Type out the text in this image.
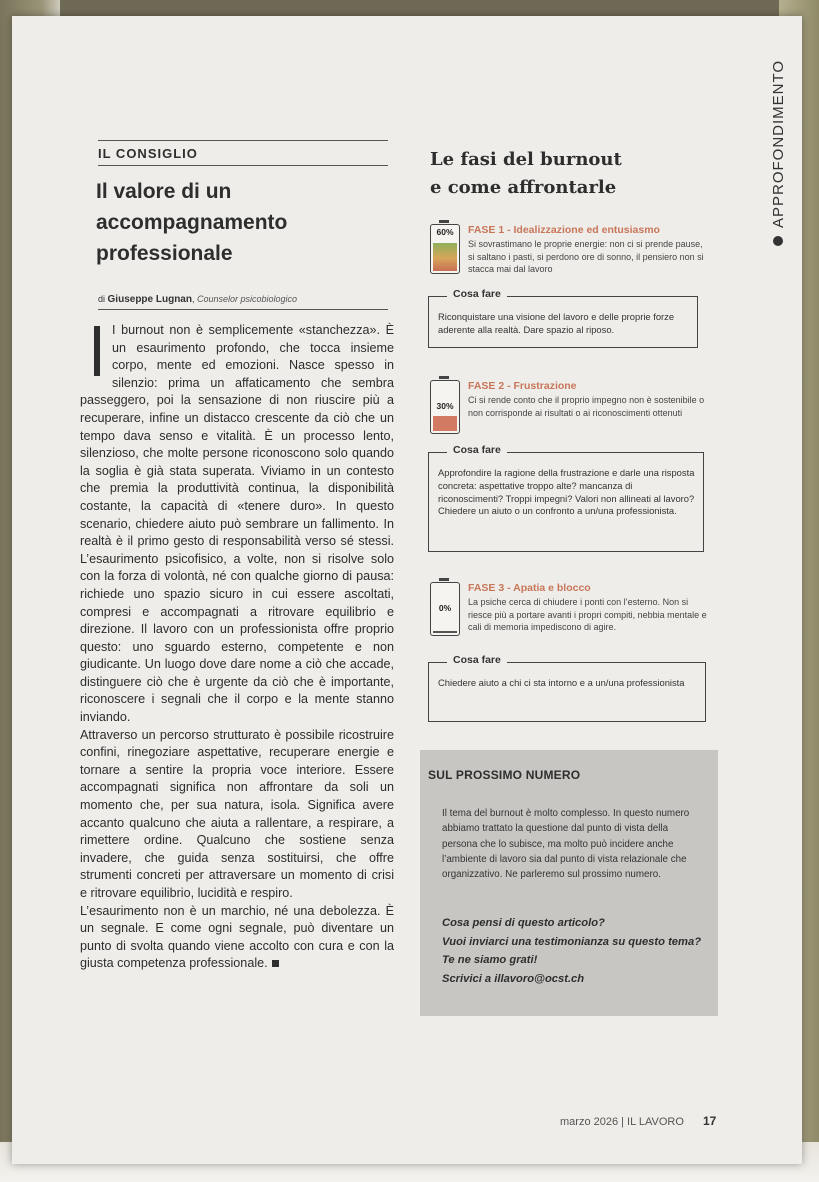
APPROFONDIMENTO
IL CONSIGLIO
Il valore di un
accompagnamento
professionale
di Giuseppe Lugnan, Counselor psicobiologico

I burnout non è semplicemente «stanchezza». È un esaurimento profondo, che tocca insieme corpo, mente ed emozioni. Nasce spesso in silenzio: prima un affaticamento che sembra passeggero, poi la sensazione di non riuscire più a recuperare, infine un distacco crescente da ciò che un tempo dava senso e vitalità. È un processo lento, silenzioso, che molte persone riconoscono solo quando la soglia è già stata superata. Viviamo in un contesto che premia la produttività continua, la disponibilità costante, la capacità di «tenere duro». In questo scenario, chiedere aiuto può sembrare un fallimento. In realtà è il primo gesto di responsabilità verso sé stessi. L’esaurimento psicofisico, a volte, non si risolve solo con la forza di volontà, né con qualche giorno di pausa: richiede uno spazio sicuro in cui essere ascoltati, compresi e accompagnati a ritrovare equilibrio e direzione. Il lavoro con un professionista offre proprio questo: uno sguardo esterno, competente e non giudicante. Un luogo dove dare nome a ciò che accade, distinguere ciò che è urgente da ciò che è importante, riconoscere i segnali che il corpo e la mente stanno inviando.

Attraverso un percorso strutturato è possibile ricostruire confini, rinegoziare aspettative, recuperare energie e tornare a sentire la propria voce interiore. Essere accompagnati significa non affrontare da soli un momento che, per sua natura, isola. Significa avere accanto qualcuno che aiuta a rallentare, a respirare, a rimettere ordine. Qualcuno che sostiene senza invadere, che guida senza sostituirsi, che offre strumenti concreti per attraversare un momento di crisi e ritrovare equilibrio, lucidità e respiro.

L’esaurimento non è un marchio, né una debolezza. È un segnale. E come ogni segnale, può diventare un punto di svolta quando viene accolto con cura e con la giusta competenza professionale.

Le fasi del burnout
e come affrontarle
60%	FASE 1 - Idealizzazione ed entusiasmo
Si sovrastimano le proprie energie: non ci si prende pause, si saltano i pasti, si perdono ore di sonno, il pensiero non si stacca mai dal lavoro
Cosa fare
Riconquistare una visione del lavoro e delle proprie forze aderente alla realtà. Dare spazio al riposo.
30%
FASE 2 - Frustrazione
Ci si rende conto che il proprio impegno non è sostenibile o non corrisponde ai risultati o ai riconoscimenti ottenuti
Cosa fare
Approfondire la ragione della frustrazione e darle una risposta concreta: aspettative troppo alte? mancanza di riconoscimenti? Troppi impegni? Valori non allineati al lavoro? Chiedere un aiuto o un confronto a un/una professionista.
0%
FASE 3 - Apatia e blocco
La psiche cerca di chiudere i ponti con l’esterno. Non si riesce più a portare avanti i propri compiti, nebbia mentale e cali di memoria impediscono di agire.
Cosa fare
Chiedere aiuto a chi ci sta intorno e a un/una professionista
SUL PROSSIMO NUMERO
Il tema del burnout è molto complesso. In questo numero abbiamo trattato la questione dal punto di vista della persona che lo subisce, ma molto può incidere anche l’ambiente di lavoro sia dal punto di vista relazionale che organizzativo. Ne parleremo sul prossimo numero.
Cosa pensi di questo articolo?
Vuoi inviarci una testimonianza su questo tema?
Te ne siamo grati!
Scrivici a illavoro@ocst.ch
marzo 2026 | IL LAVORO 17
